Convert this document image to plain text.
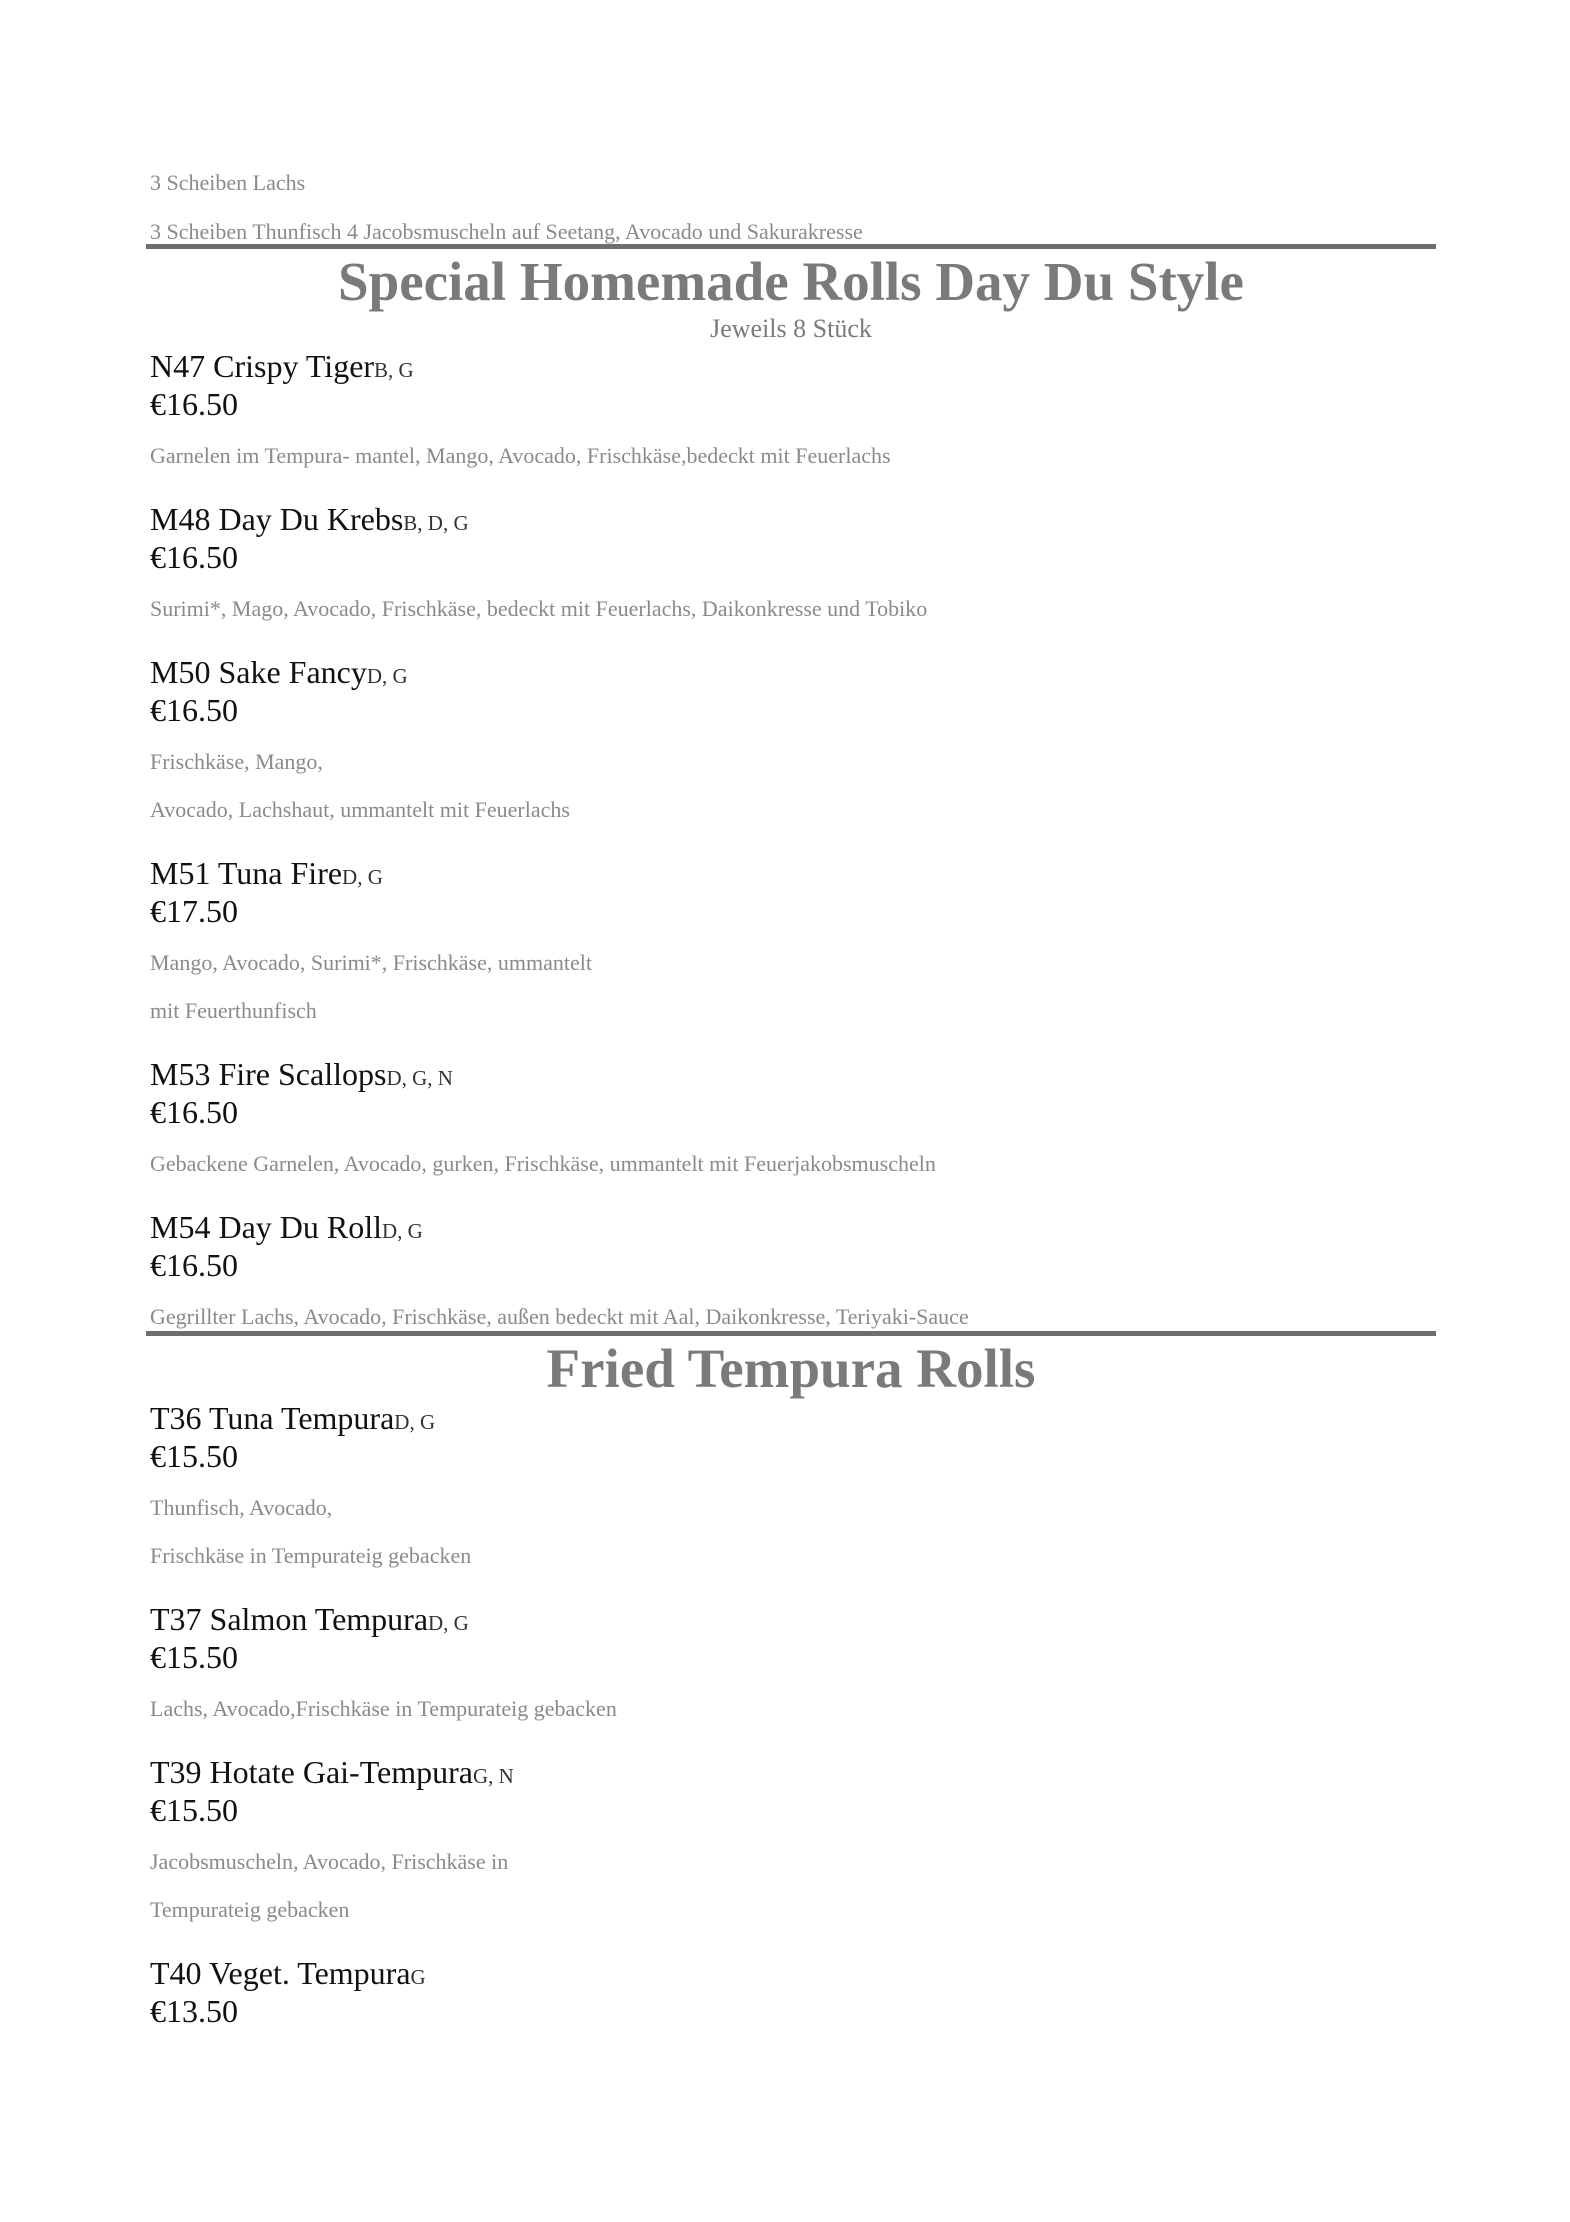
3 Scheiben Lachs
3 Scheiben Thunfisch 4 Jacobsmuscheln auf Seetang, Avocado und Sakurakresse
Special Homemade Rolls Day Du Style
Jeweils 8 Stück
N47 Crispy TigerB, G
€16.50
Garnelen im Tempura- mantel, Mango, Avocado, Frischkäse,bedeckt mit Feuerlachs
M48 Day Du KrebsB, D, G
€16.50
Surimi*, Mago, Avocado, Frischkäse, bedeckt mit Feuerlachs, Daikonkresse und Tobiko
M50 Sake FancyD, G
€16.50
Frischkäse, Mango,
Avocado, Lachshaut, ummantelt mit Feuerlachs
M51 Tuna FireD, G
€17.50
Mango, Avocado, Surimi*, Frischkäse, ummantelt
mit Feuerthunfisch
M53 Fire ScallopsD, G, N
€16.50
Gebackene Garnelen, Avocado, gurken, Frischkäse, ummantelt mit Feuerjakobsmuscheln
M54 Day Du RollD, G
€16.50
Gegrillter Lachs, Avocado, Frischkäse, außen bedeckt mit Aal, Daikonkresse, Teriyaki-Sauce
Fried Tempura Rolls
T36 Tuna TempuraD, G
€15.50
Thunfisch, Avocado,
Frischkäse in Tempurateig gebacken
T37 Salmon TempuraD, G
€15.50
Lachs, Avocado,Frischkäse in Tempurateig gebacken
T39 Hotate Gai-TempuraG, N
€15.50
Jacobsmuscheln, Avocado, Frischkäse in
Tempurateig gebacken
T40 Veget. TempuraG
€13.50
